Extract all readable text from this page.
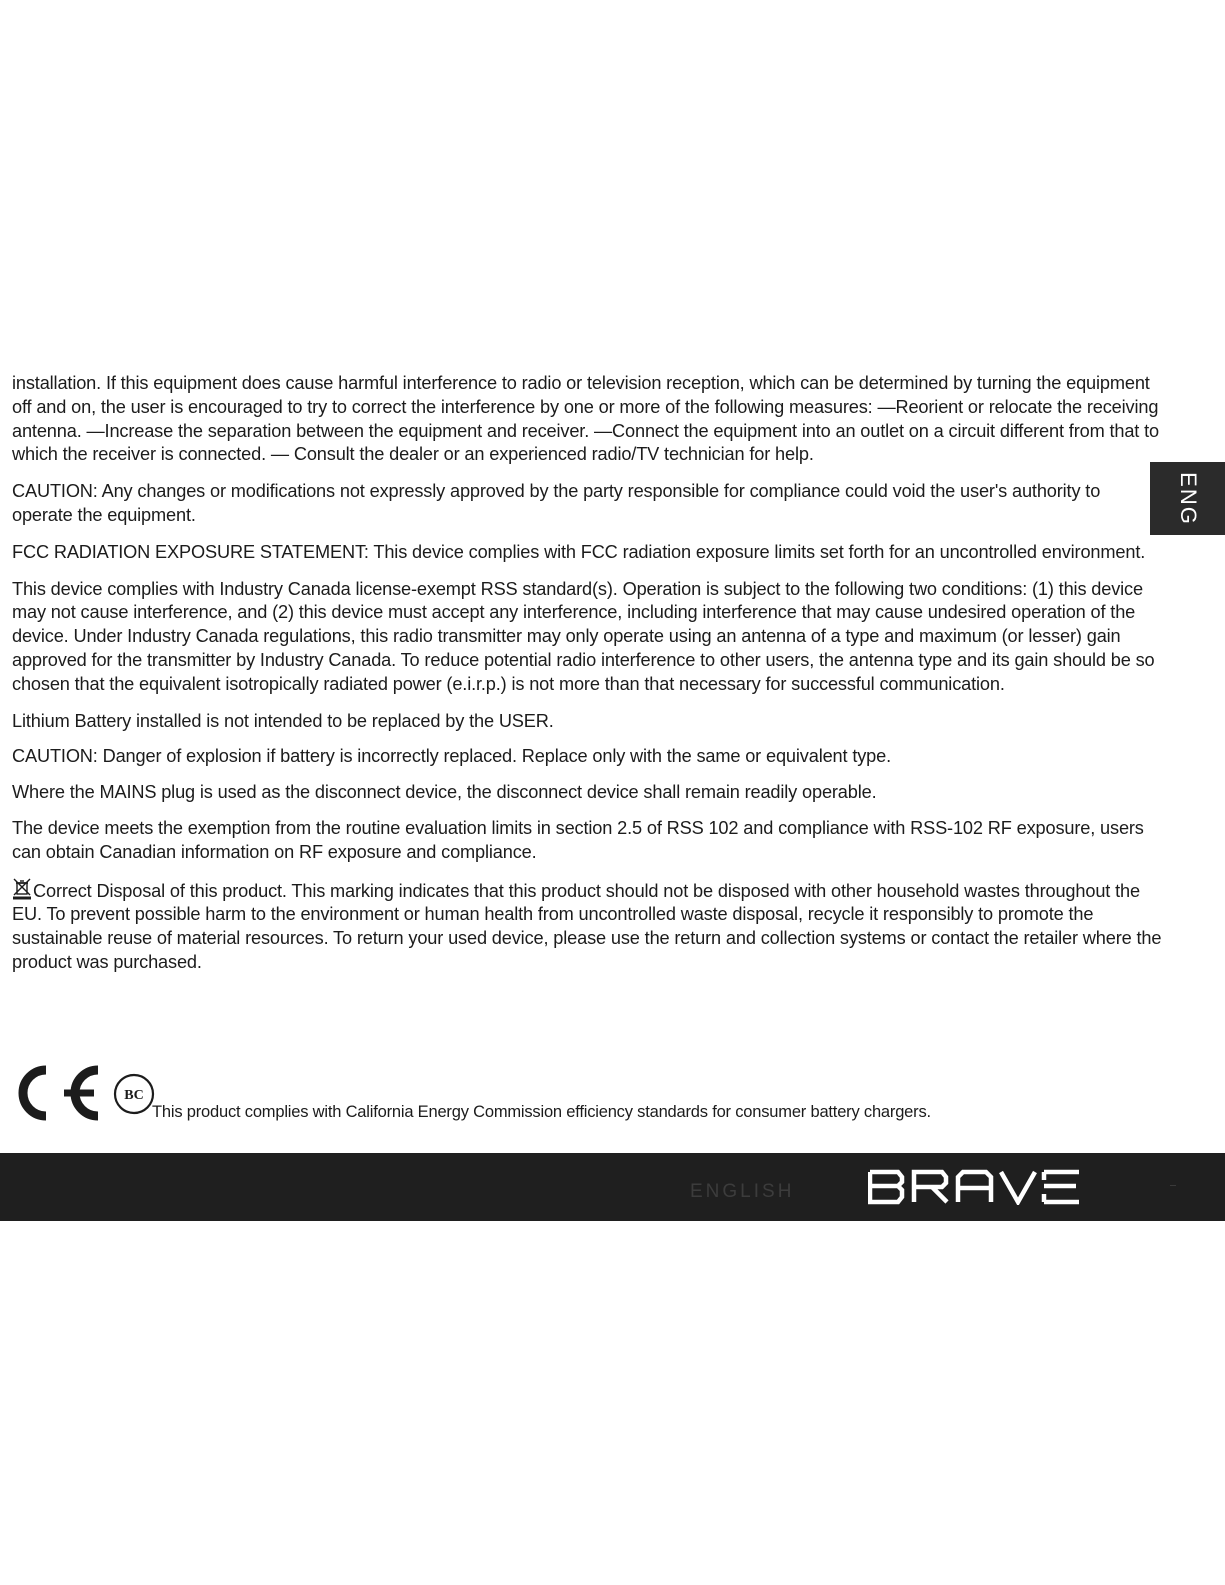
installation. If this equipment does cause harmful interference to radio or television reception, which can be determined by turning the equipment off and on, the user is encouraged to try to correct the interference by one or more of the following measures: —Reorient or relocate the receiving antenna. —Increase the separation between the equipment and receiver. —Connect the equipment into an outlet on a circuit different from that to which the receiver is connected. — Consult the dealer or an experienced radio/TV technician for help.

CAUTION: Any changes or modifications not expressly approved by the party responsible for compliance could void the user's authority to operate the equipment.

FCC RADIATION EXPOSURE STATEMENT: This device complies with FCC radiation exposure limits set forth for an uncontrolled environment.

This device complies with Industry Canada license-exempt RSS standard(s). Operation is subject to the following two conditions: (1) this device may not cause interference, and (2) this device must accept any interference, including interference that may cause undesired operation of the device. Under Industry Canada regulations, this radio transmitter may only operate using an antenna of a type and maximum (or lesser) gain approved for the transmitter by Industry Canada. To reduce potential radio interference to other users, the antenna type and its gain should be so chosen that the equivalent isotropically radiated power (e.i.r.p.) is not more than that necessary for successful communication.

Lithium Battery installed is not intended to be replaced by the USER.

CAUTION: Danger of explosion if battery is incorrectly replaced. Replace only with the same or equivalent type.

Where the MAINS plug is used as the disconnect device, the disconnect device shall remain readily operable.

The device meets the exemption from the routine evaluation limits in section 2.5 of RSS 102 and compliance with RSS-102 RF exposure, users can obtain Canadian information on RF exposure and compliance.

Correct Disposal of this product. This marking indicates that this product should not be disposed with other household wastes throughout the EU. To prevent possible harm to the environment or human health from uncontrolled waste disposal, recycle it responsibly to promote the sustainable reuse of material resources. To return your used device, please use the return and collection systems or contact the retailer where the product was purchased.

BC
This product complies with California Energy Commission efficiency standards for consumer battery chargers.
ENG
ENGLISH
